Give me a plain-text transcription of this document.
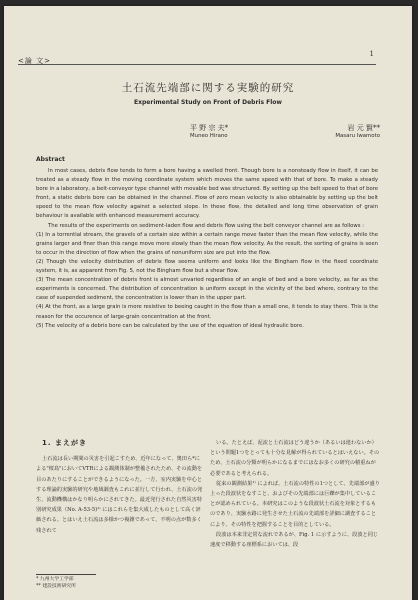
<論 文>
1
土石流先端部に関する実験的研究
Experimental Study on Front of Debris Flow
平 野 宗 夫*	岩 元 賢**
Muneo Hirano	Masaru Iwamoto
Abstract

In most cases, debris flow tends to form a bore having a swelled front. Though bore is a nonsteady flow in itself, it can be treated as a steady flow in the moving coordinate system which moves the same speed with that of bore. To make a steady bore in a laboratory, a belt-conveyor type channel with movable bed was structured. By setting up the belt speed to that of bore front, a static debris bore can be obtained in the channel. Flow of zero mean velocity is also obtainable by setting up the belt speed to the mean flow velocity against a selected slope. In these flow, the detailed and long time observation of grain behaviour is available with enhanced measurement accuracy.

The results of the experiments on sediment-laden flow and debris flow using the belt conveyor channel are as follows :

(1) In a torrential stream, the gravels of a certain size within a certain range move faster than the mean flow velocity, while the grains larger and finer than this range move more slowly than the mean flow velocity. As the result, the sorting of grains is seen to occur in the direction of flow when the grains of nonuniform size are put into the flow.

(2) Though the velocity distribution of debris flow seems uniform and looks like the Bingham flow in the fixed coordinate system, it is, as apparent from Fig. 5, not the Bingham flow but a shear flow.

(3) The mean concentration of debris front is almost unvaried regardless of an angle of bed and a bore velocity, as far as the experiments is concerned. The distribution of concentration is uniform except in the vicinity of the bed where, contrary to the case of suspended sediment, the concentration is lower than in the upper part.

(4) At the front, as a large grain is more resistive to beeing caught in the flow than a small one, it tends to stay there. This is the reason for the occurence of large-grain concentration at the front.

(5) The velocity of a debris bore can be calculated by the use of the equation of ideal hydraulic bore.

1. まえがき

土石流は長い期間の災害を引起こすため、近年になって、奥田ら*による"桜島"においてVTRによる観測体制が整備されたため、その流動を目のあたりにすることができるようになった。一方、室内実験を中心とする理論的実験的研究や地域調査もこれに並行して行われ、土石流の発生、流動機構はかなり明らかにされてきた。最近発行された自然災害特別研究成果（No. A-53-5)¹⁾ にはこれらを集大成したものとして高く評価される。とはいえ土石流は多様かつ複雑であって、不明の点が数多く残されて

いる。たとえば、泥流と土石流はどう違うか（あるいは違わないか）という問題1つをとっても十分な見解が得られているとはいえない。そのため、土石流の分類が明らかになるまでにはなお多くの研究の積重ねが必要であると考えられる。

従来の観測結果¹⁾ によれば、土石流の特性の1つとして、先端部が盛り上った段波状をなすこと、およびその先端部には巨礫が集中していることが認められている。本研究はこのような段波状土石流を対象とするものであり、実験水路に発生させた土石流の先端部を詳細に調査することにより、その特性を把握することを目的としている。

段波は本来非定常な流れであるが、Fig. 1 に示すように、段波と同じ速度で移動する座標系においては、段

* 九州大学工学部
** 建設技術研究所
